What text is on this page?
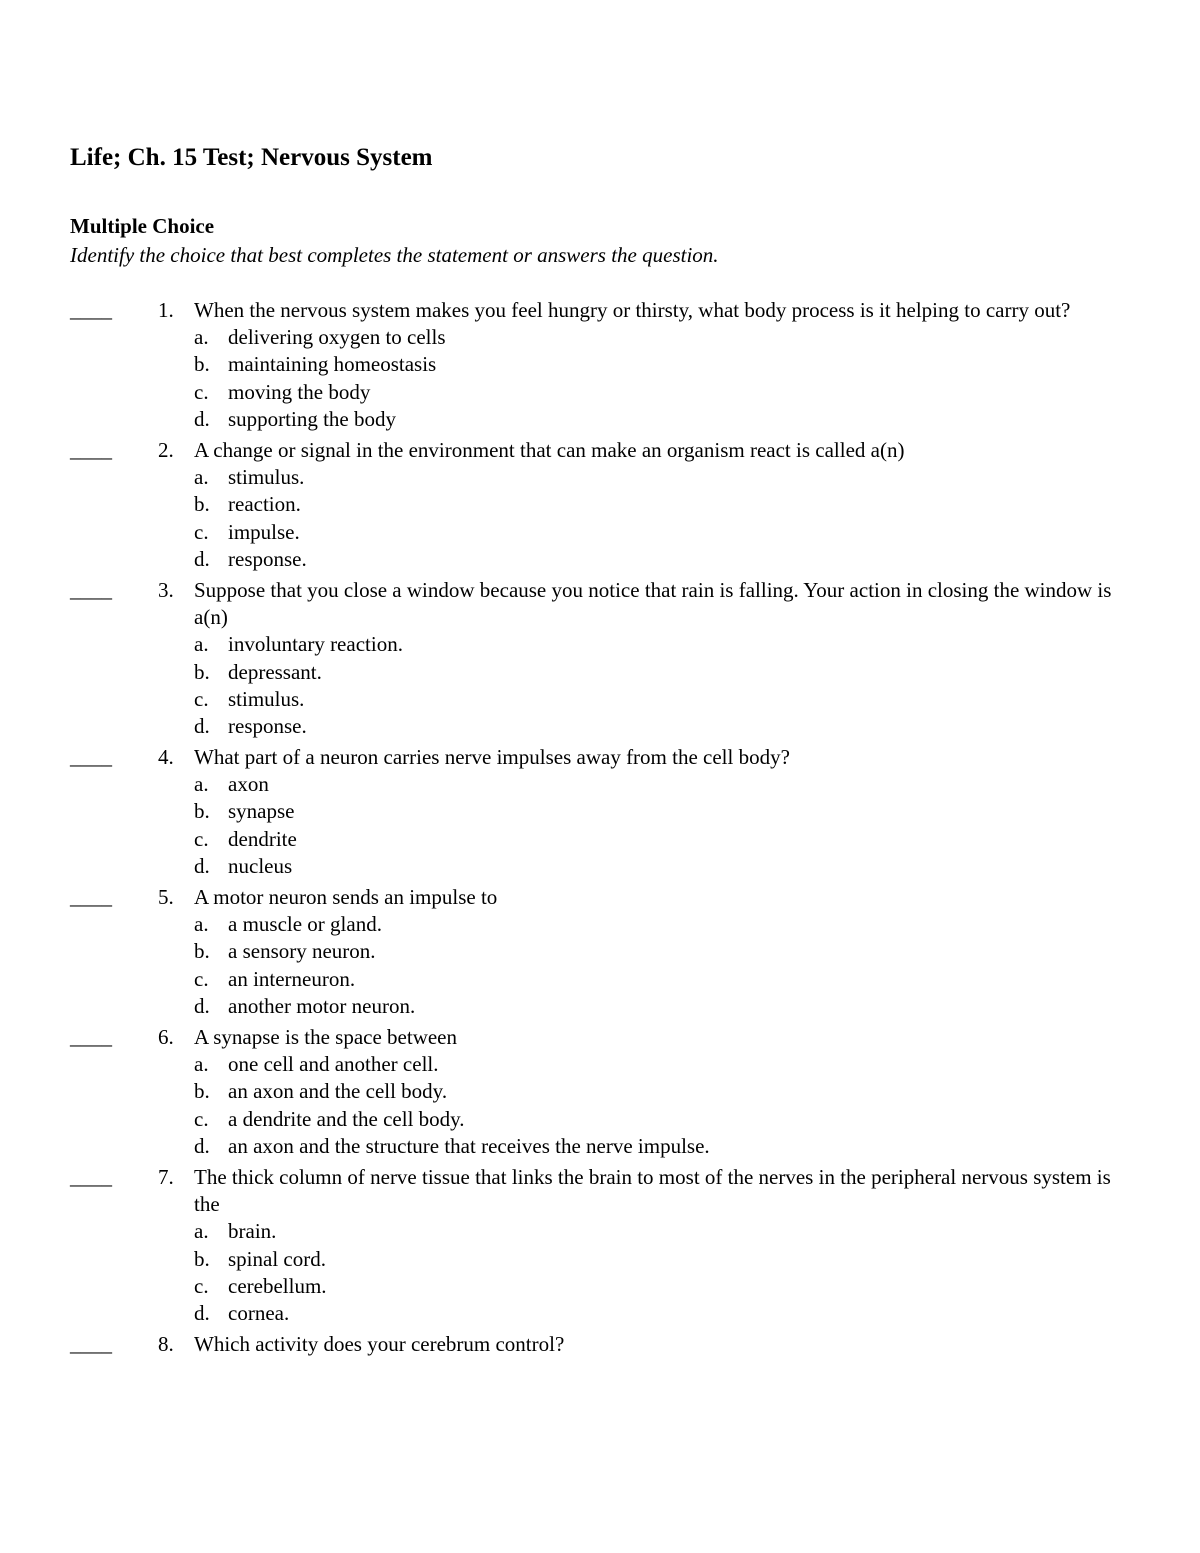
Life; Ch. 15 Test; Nervous System
Multiple Choice

Identify the choice that best completes the statement or answers the question.

____ 1. When the nervous system makes you feel hungry or thirsty, what body process is it helping to carry out?
a. delivering oxygen to cells
b. maintaining homeostasis
c. moving the body
d. supporting the body
____ 2. A change or signal in the environment that can make an organism react is called a(n)
a. stimulus.
b. reaction.
c. impulse.
d. response.
____ 3. Suppose that you close a window because you notice that rain is falling. Your action in closing the window is a(n)
a. involuntary reaction.
b. depressant.
c. stimulus.
d. response.
____ 4. What part of a neuron carries nerve impulses away from the cell body?
a. axon
b. synapse
c. dendrite
d. nucleus
____ 5. A motor neuron sends an impulse to
a. a muscle or gland.
b. a sensory neuron.
c. an interneuron.
d. another motor neuron.
____ 6. A synapse is the space between
a. one cell and another cell.
b. an axon and the cell body.
c. a dendrite and the cell body.
d. an axon and the structure that receives the nerve impulse.
____ 7. The thick column of nerve tissue that links the brain to most of the nerves in the peripheral nervous system is the
a. brain.
b. spinal cord.
c. cerebellum.
d. cornea.
____ 8. Which activity does your cerebrum control?
